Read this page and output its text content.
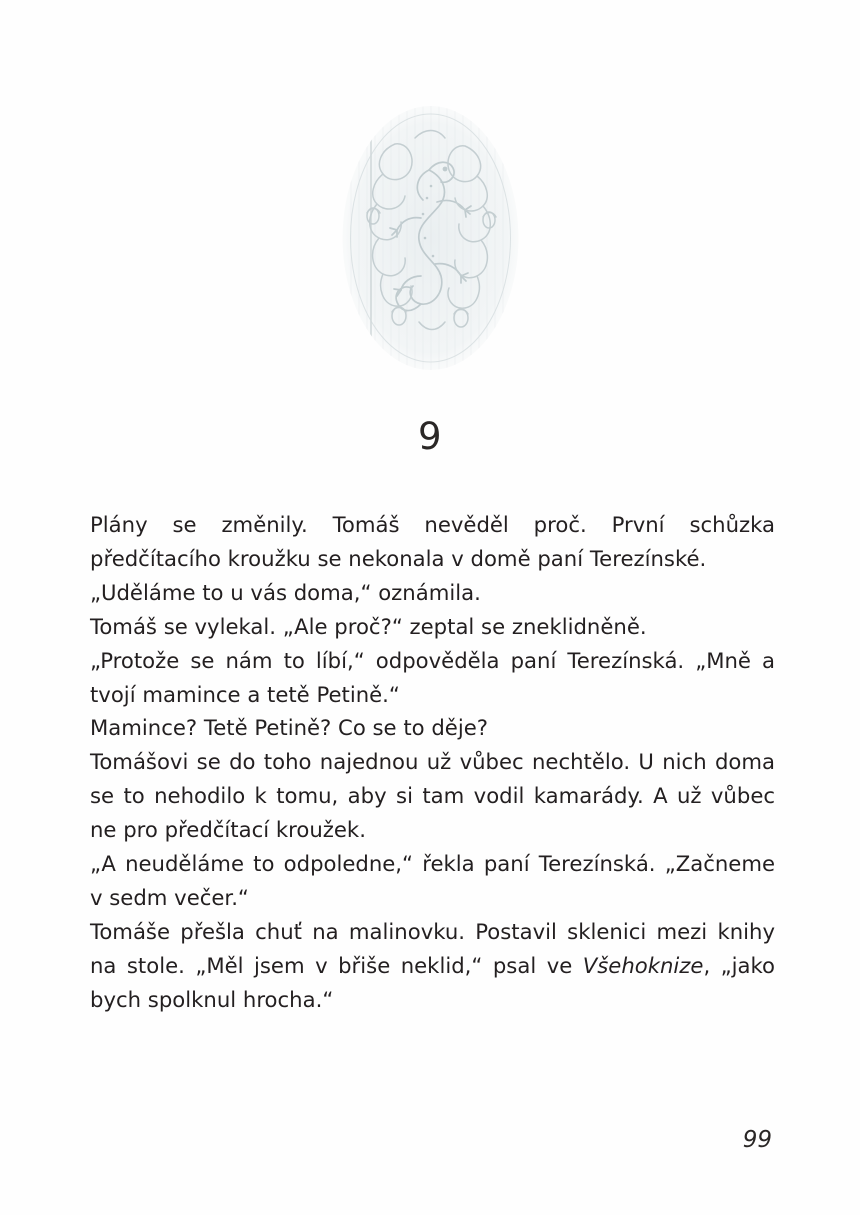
9

Plány se změnily. Tomáš nevěděl proč. První schůzka předčítacího kroužku se nekonala v domě paní Terezínské.

„Uděláme to u vás doma,“ oznámila.

Tomáš se vylekal. „Ale proč?“ zeptal se zneklidněně.

„Protože se nám to líbí,“ odpověděla paní Terezínská. „Mně a tvojí mamince a tetě Petině.“

Mamince? Tetě Petině? Co se to děje?

Tomášovi se do toho najednou už vůbec nechtělo. U nich doma se to nehodilo k tomu, aby si tam vodil kamarády. A už vůbec ne pro předčítací kroužek.

„A neuděláme to odpoledne,“ řekla paní Terezínská. „Začneme v sedm večer.“

Tomáše přešla chuť na malinovku. Postavil sklenici mezi knihy na stole. „Měl jsem v břiše neklid,“ psal ve Všehoknize, „jako bych spolknul hrocha.“

99
